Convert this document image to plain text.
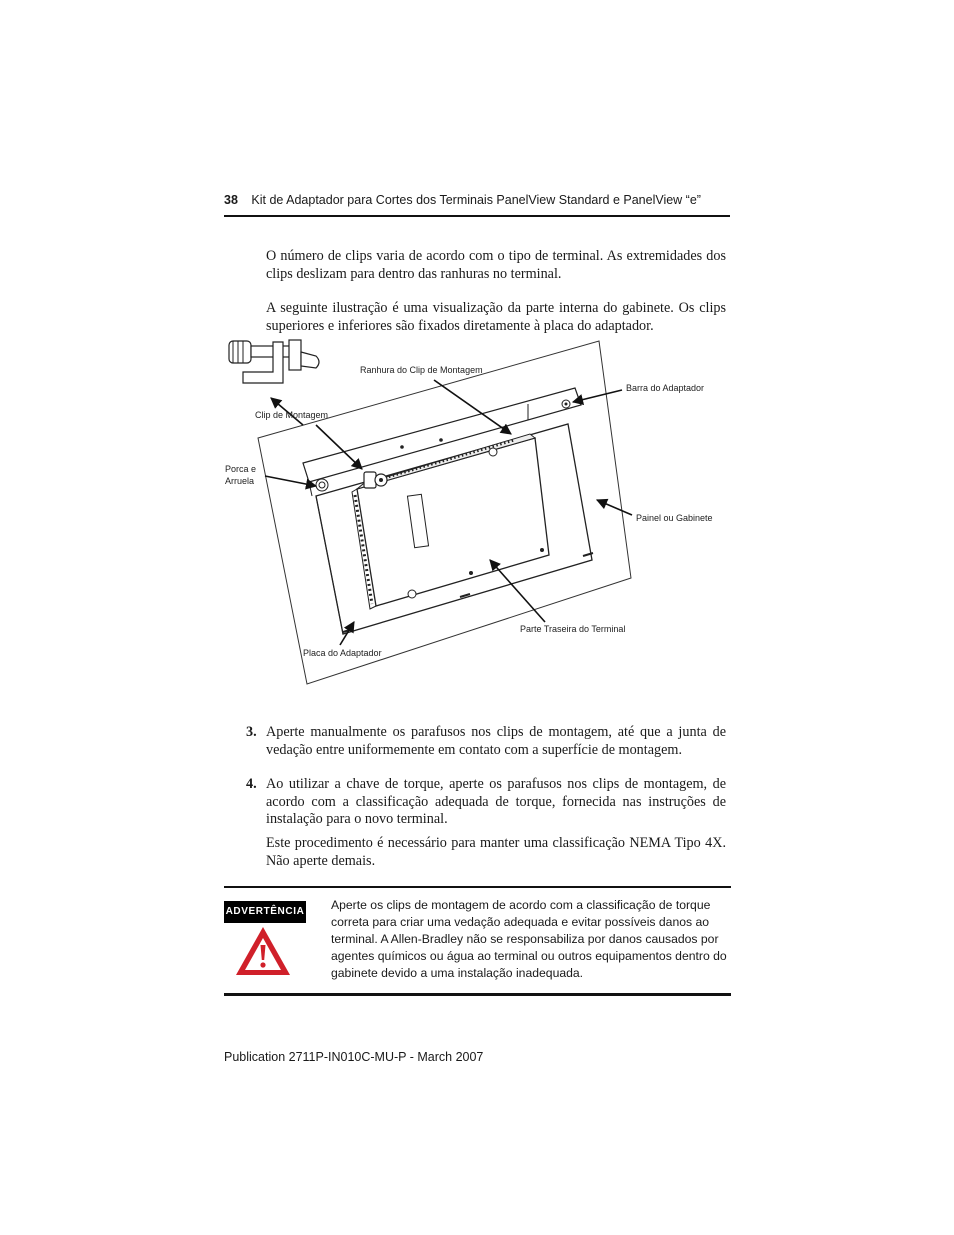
38 Kit de Adaptador para Cortes dos Terminais PanelView Standard e PanelView “e”

O número de clips varia de acordo com o tipo de terminal. As extremidades dos clips deslizam para dentro das ranhuras no terminal.

A seguinte ilustração é uma visualização da parte interna do gabinete. Os clips superiores e inferiores são fixados diretamente à placa do adaptador.

Ranhura do Clip de Montagem
Barra do Adaptador
Clip de Montagem
Porca e
Arruela
Painel ou Gabinete
Parte Traseira do Terminal
Placa do Adaptador
3. Aperte manualmente os parafusos nos clips de montagem, até que a junta de vedação entre uniformemente em contato com a superfície de montagem.

4. Ao utilizar a chave de torque, aperte os parafusos nos clips de montagem, de acordo com a classificação adequada de torque, fornecida nas instruções de instalação para o novo terminal.

Este procedimento é necessário para manter uma classificação NEMA Tipo 4X. Não aperte demais.

ADVERTÊNCIA Aperte os clips de montagem de acordo com a classificação de torque correta para criar uma vedação adequada e evitar possíveis danos ao terminal. A Allen-Bradley não se responsabiliza por danos causados por agentes químicos ou água ao terminal ou outros equipamentos dentro do gabinete devido a uma instalação inadequada.

Publication 2711P-IN010C-MU-P - March 2007
